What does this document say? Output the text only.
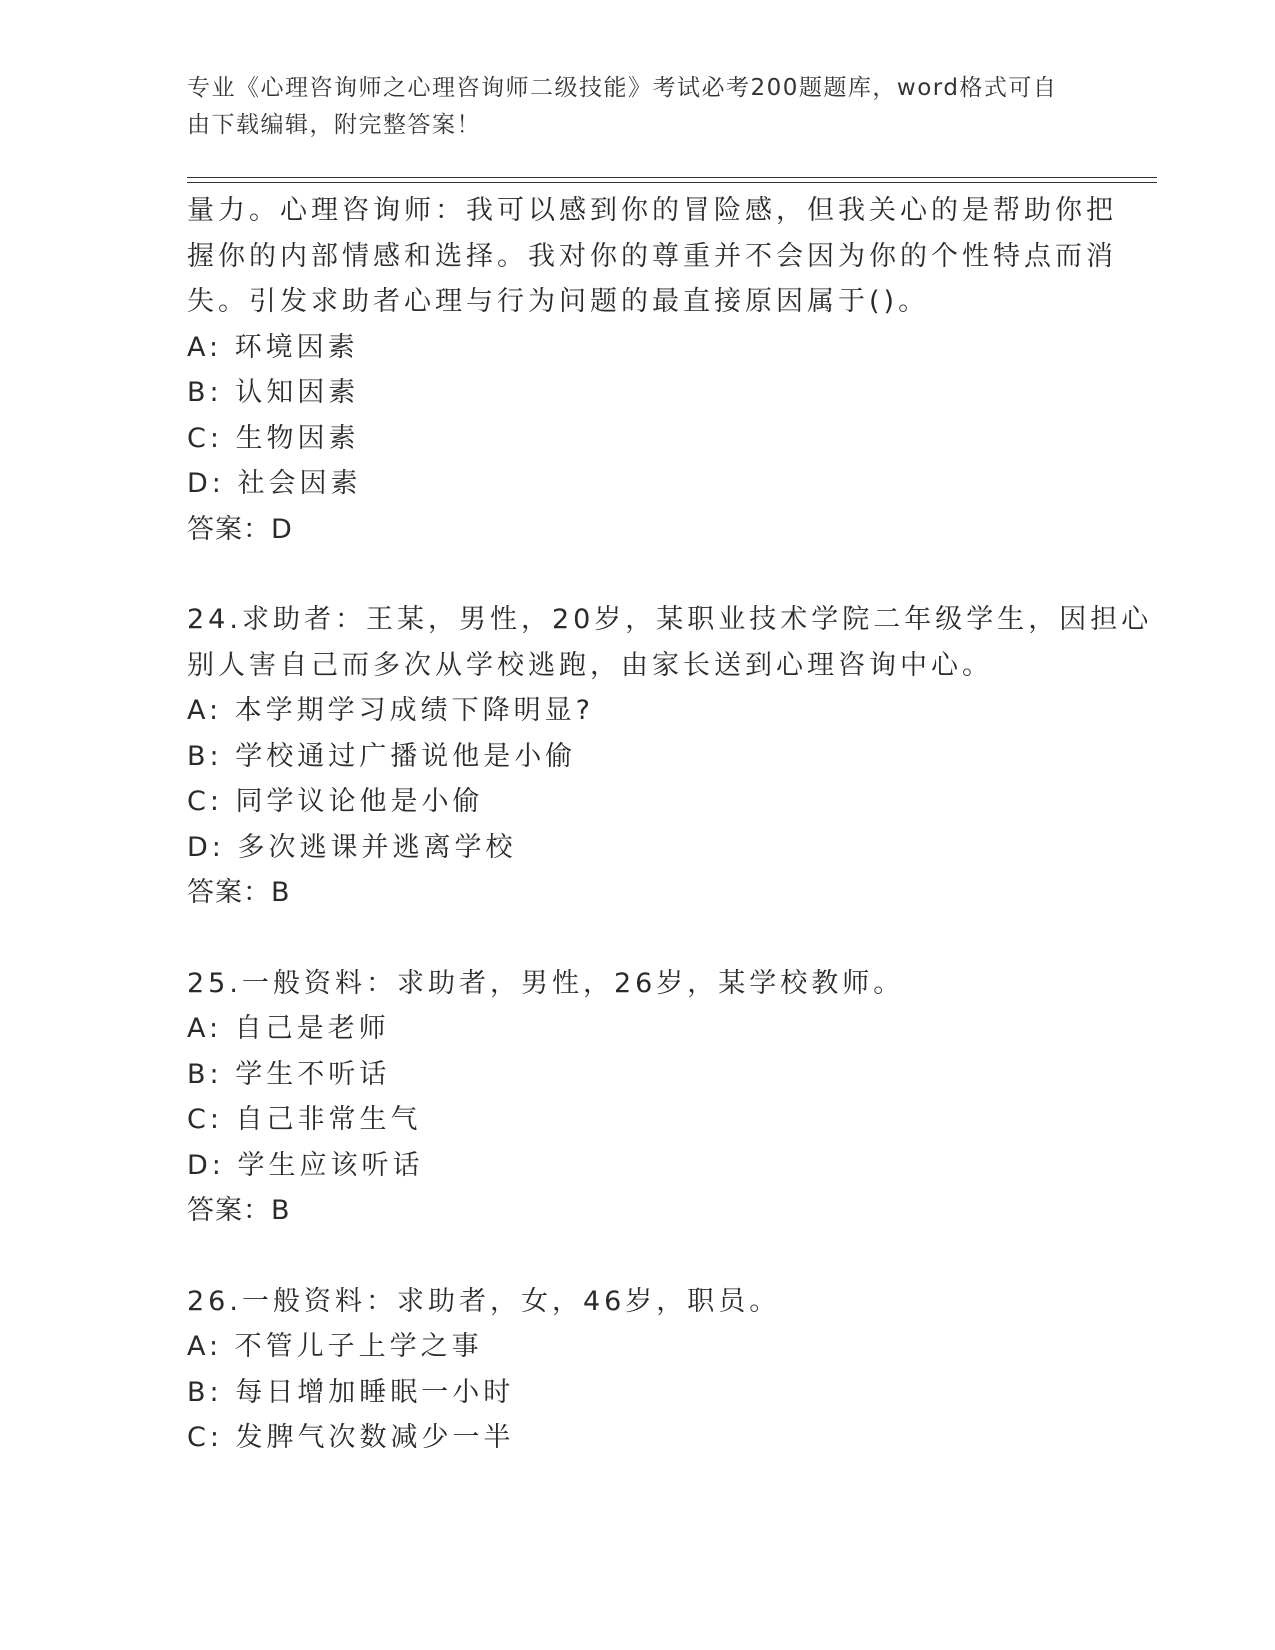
专业《心理咨询师之心理咨询师二级技能》考试必考200题题库，word格式可自
由下载编辑，附完整答案！
量力。心理咨询师：我可以感到你的冒险感，但我关心的是帮助你把
握你的内部情感和选择。我对你的尊重并不会因为你的个性特点而消
失。引发求助者心理与行为问题的最直接原因属于()。
A: 环境因素
B: 认知因素
C: 生物因素
D: 社会因素
答案：D
24.求助者：王某，男性，20岁，某职业技术学院二年级学生，因担心
别人害自己而多次从学校逃跑，由家长送到心理咨询中心。
A: 本学期学习成绩下降明显?
B: 学校通过广播说他是小偷
C: 同学议论他是小偷
D: 多次逃课并逃离学校
答案：B
25.一般资料：求助者，男性，26岁，某学校教师。
A: 自己是老师
B: 学生不听话
C: 自己非常生气
D: 学生应该听话
答案：B
26.一般资料：求助者，女，46岁，职员。
A: 不管儿子上学之事
B: 每日增加睡眠一小时
C: 发脾气次数减少一半
